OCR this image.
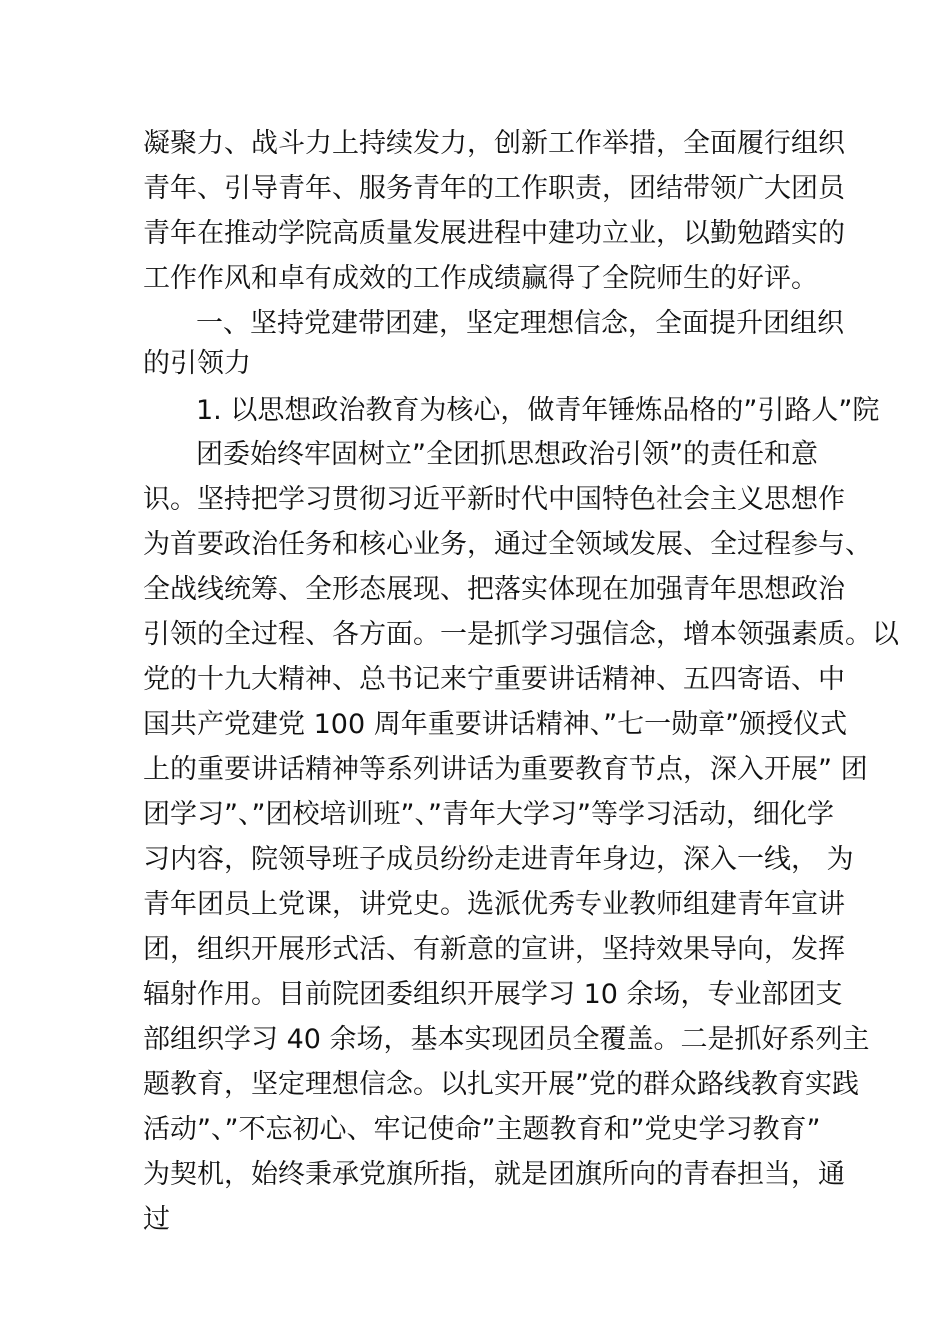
凝聚力、战斗力上持续发力，创新工作举措，全面履行组织
青年、引导青年、服务青年的工作职责，团结带领广大团员
青年在推动学院高质量发展进程中建功立业，以勤勉踏实的
工作作风和卓有成效的工作成绩赢得了全院师生的好评。
一、坚持党建带团建，坚定理想信念，全面提升团组织
的引领力
1. 以思想政治教育为核心，做青年锤炼品格的”引路人”院
团委始终牢固树立”全团抓思想政治引领”的责任和意
识。坚持把学习贯彻习近平新时代中国特色社会主义思想作
为首要政治任务和核心业务，通过全领域发展、全过程参与、
全战线统筹、全形态展现、把落实体现在加强青年思想政治
引领的全过程、各方面。一是抓学习强信念，增本领强素质。以
党的十九大精神、总书记来宁重要讲话精神、五四寄语、中
国共产党建党 100 周年重要讲话精神、”七一勋章”颁授仪式
上的重要讲话精神等系列讲话为重要教育节点，深入开展” 团
团学习”、”团校培训班”、”青年大学习”等学习活动，细化学
习内容，院领导班子成员纷纷走进青年身边，深入一线， 为
青年团员上党课，讲党史。选派优秀专业教师组建青年宣讲
团，组织开展形式活、有新意的宣讲，坚持效果导向，发挥
辐射作用。目前院团委组织开展学习 10 余场，专业部团支
部组织学习 40 余场，基本实现团员全覆盖。二是抓好系列主
题教育，坚定理想信念。以扎实开展”党的群众路线教育实践
活动”、”不忘初心、牢记使命”主题教育和”党史学习教育”
为契机，始终秉承党旗所指，就是团旗所向的青春担当，通
过
